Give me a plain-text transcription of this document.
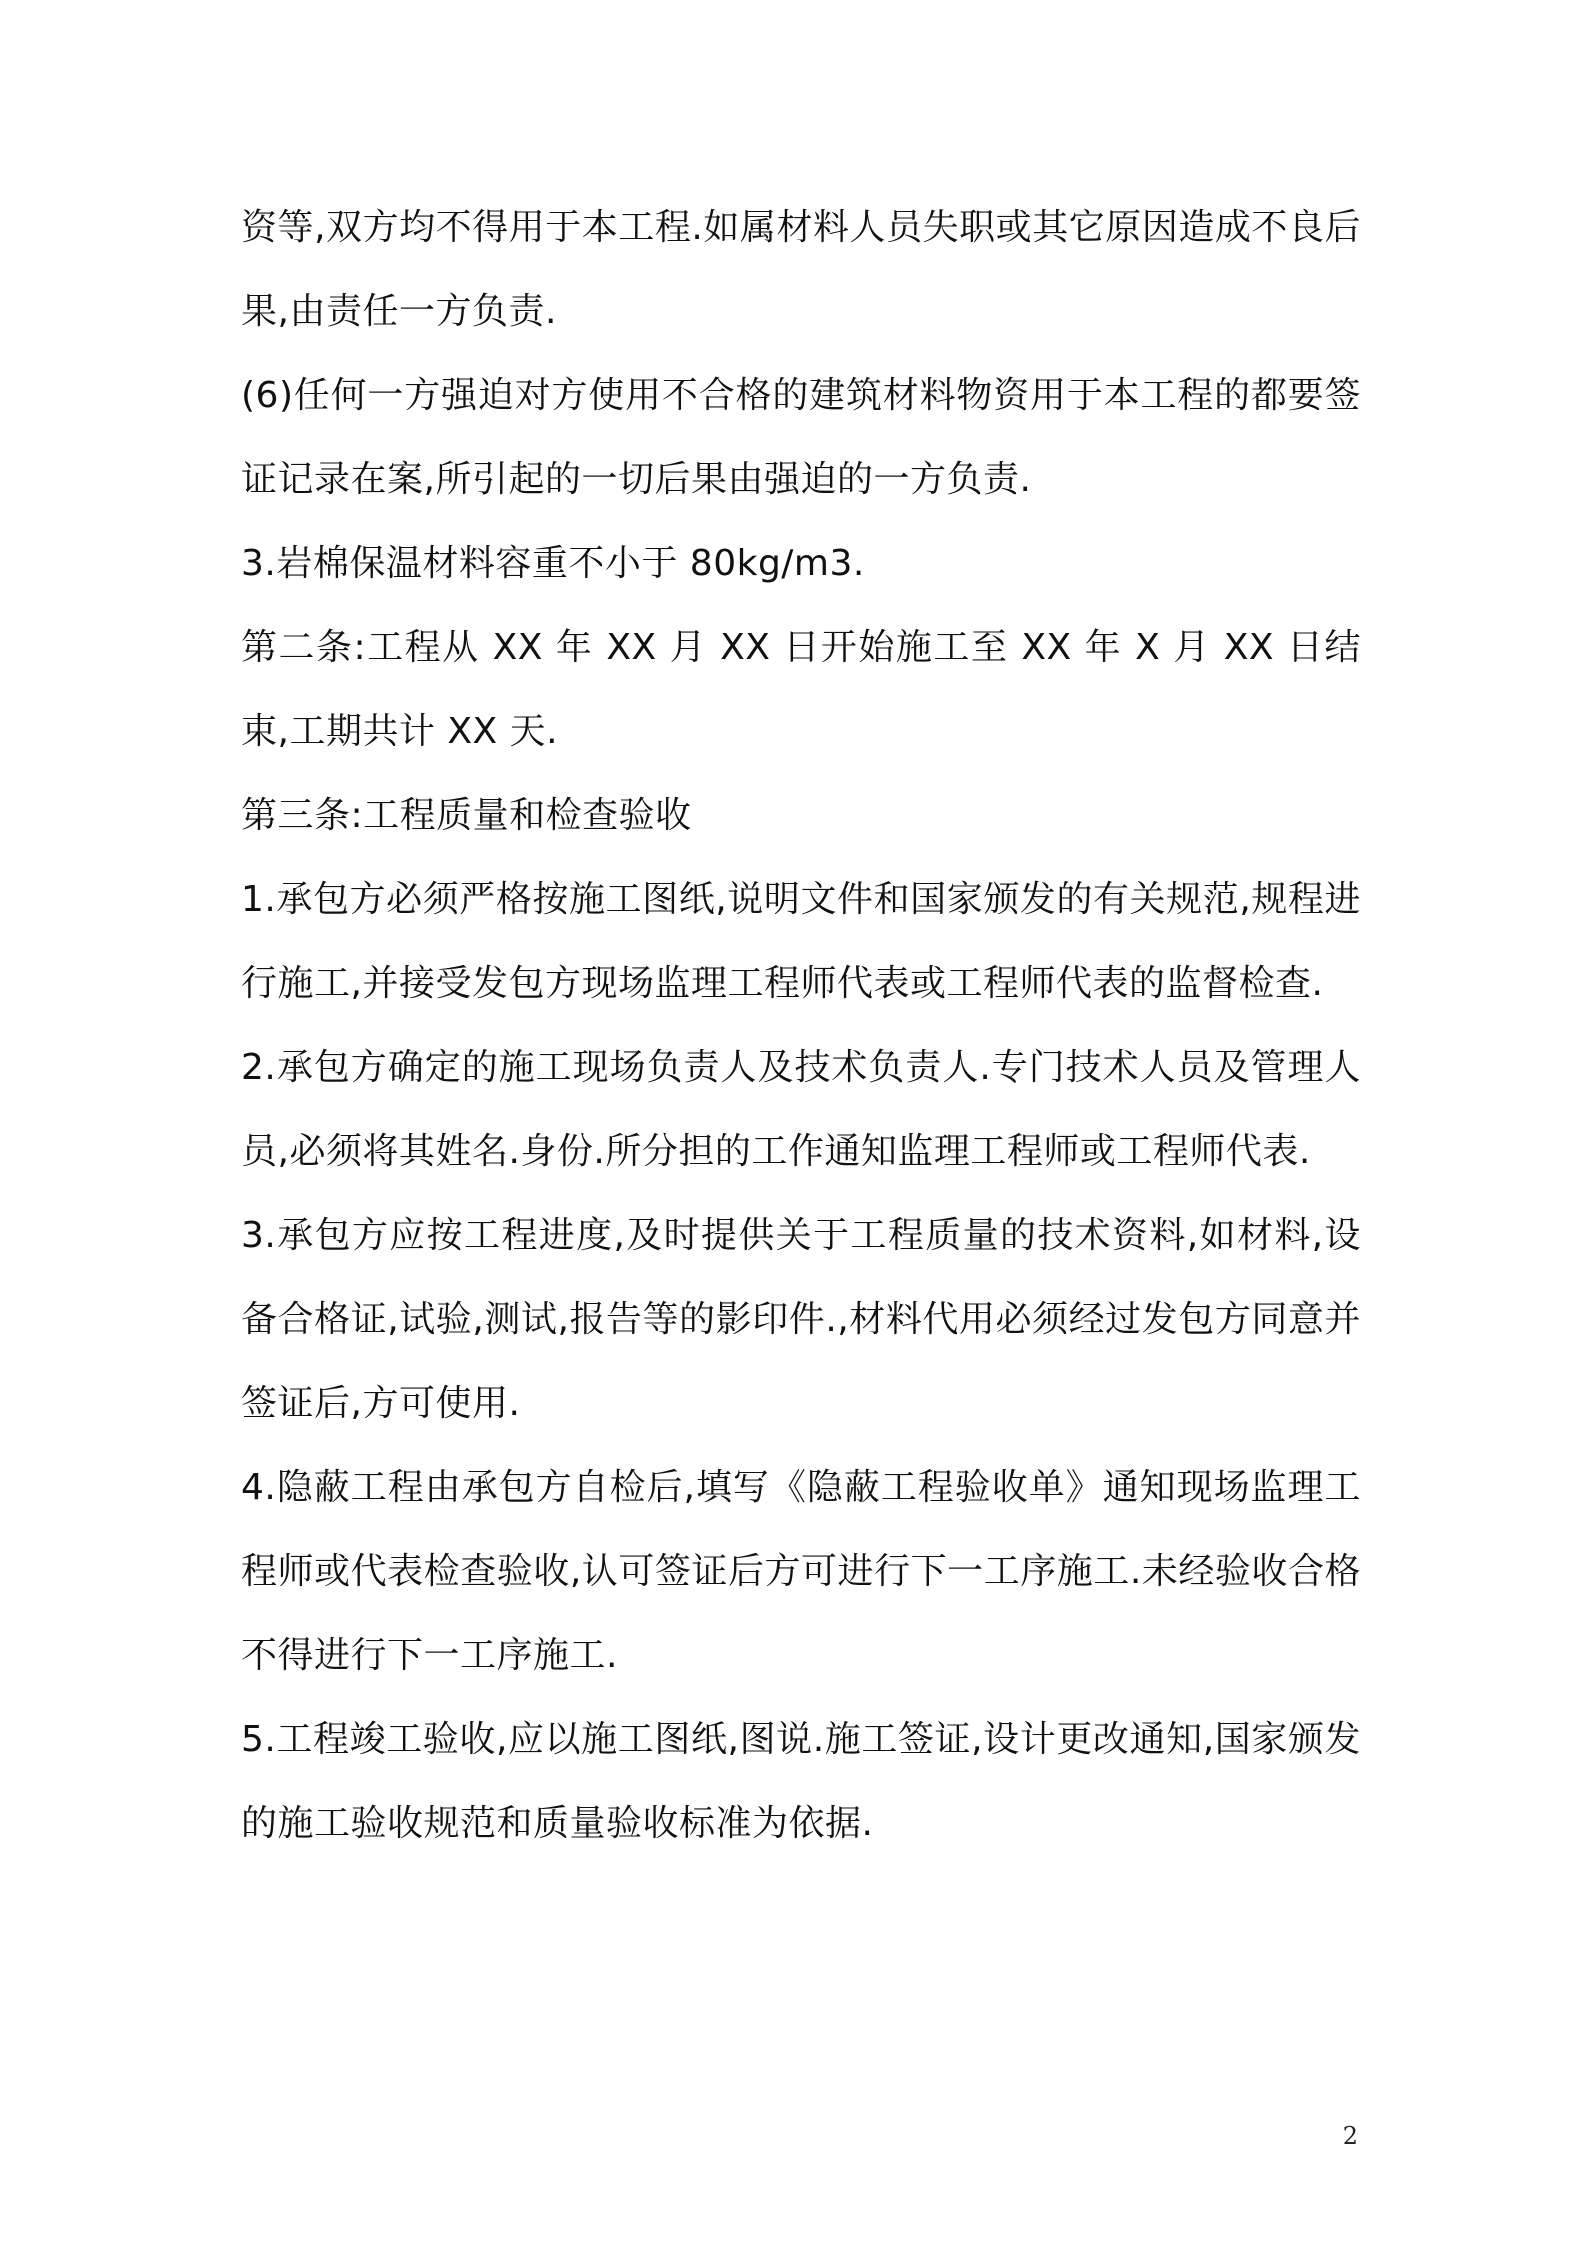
资等,双方均不得用于本工程.如属材料人员失职或其它原因造成不良后果,由责任一方负责.

(6)任何一方强迫对方使用不合格的建筑材料物资用于本工程的都要签证记录在案,所引起的一切后果由强迫的一方负责.

3.岩棉保温材料容重不小于 80kg/m3.

第二条:工程从 XX 年 XX 月 XX 日开始施工至 XX 年 X 月 XX 日结束,工期共计 XX 天.

第三条:工程质量和检查验收

1.承包方必须严格按施工图纸,说明文件和国家颁发的有关规范,规程进行施工,并接受发包方现场监理工程师代表或工程师代表的监督检查.

2.承包方确定的施工现场负责人及技术负责人.专门技术人员及管理人员,必须将其姓名.身份.所分担的工作通知监理工程师或工程师代表.

3.承包方应按工程进度,及时提供关于工程质量的技术资料,如材料,设备合格证,试验,测试,报告等的影印件.,材料代用必须经过发包方同意并签证后,方可使用.

4.隐蔽工程由承包方自检后,填写《隐蔽工程验收单》通知现场监理工程师或代表检查验收,认可签证后方可进行下一工序施工.未经验收合格不得进行下一工序施工.

5.工程竣工验收,应以施工图纸,图说.施工签证,设计更改通知,国家颁发的施工验收规范和质量验收标准为依据.

2
